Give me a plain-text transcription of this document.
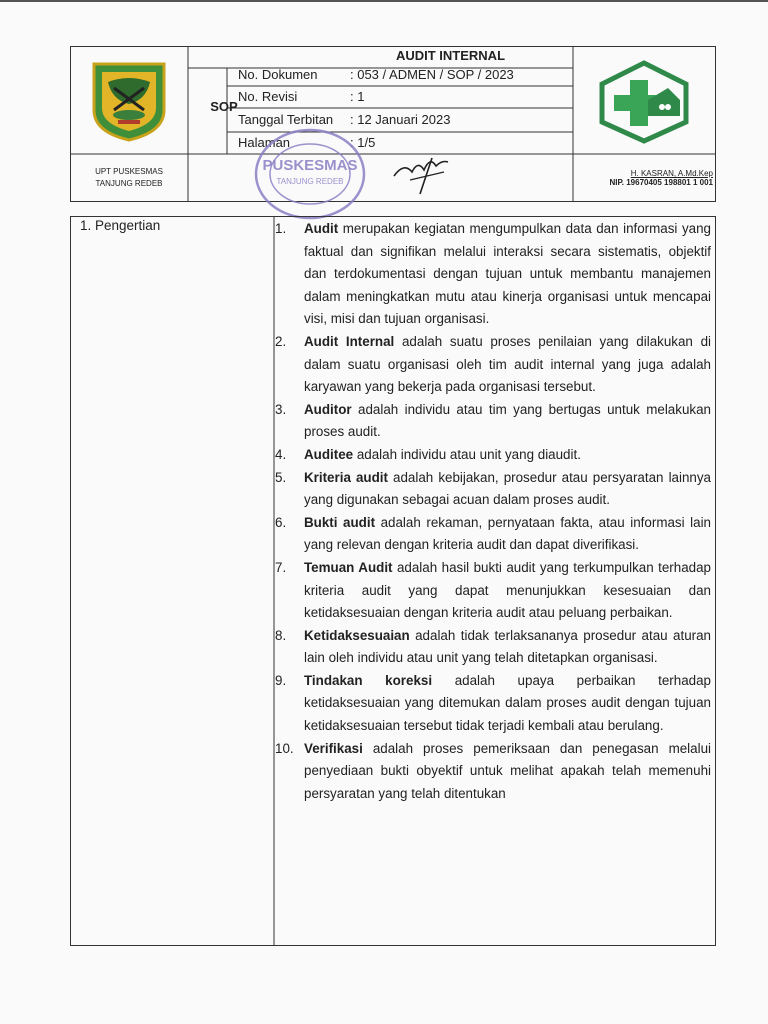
AUDIT INTERNAL
SOP
No. Dokumen	: 053 / ADMEN / SOP / 2023
No. Revisi	: 1
Tanggal Terbitan : 12 Januari 2023
Halaman	: 1/5
UPT PUSKESMAS
TANJUNG REDEB
PUSKESMAS
TANJUNG REDEB
H. KASRAN, A.Md.Kep
NIP. 19670405 198801 1 001
1. Pengertian	1. Audit merupakan kegiatan mengumpulkan data dan informasi yang faktual dan signifikan melalui interaksi secara sistematis, objektif dan terdokumentasi dengan tujuan untuk membantu manajemen dalam meningkatkan mutu atau kinerja organisasi untuk mencapai visi, misi dan tujuan organisasi.
2. Audit Internal adalah suatu proses penilaian yang dilakukan di dalam suatu organisasi oleh tim audit internal yang juga adalah karyawan yang bekerja pada organisasi tersebut.
3. Auditor adalah individu atau tim yang bertugas untuk melakukan proses audit.
4. Auditee adalah individu atau unit yang diaudit.
5. Kriteria audit adalah kebijakan, prosedur atau persyaratan lainnya yang digunakan sebagai acuan dalam proses audit.
6. Bukti audit adalah rekaman, pernyataan fakta, atau informasi lain yang relevan dengan kriteria audit dan dapat diverifikasi.
7. Temuan Audit adalah hasil bukti audit yang terkumpulkan terhadap kriteria audit yang dapat menunjukkan kesesuaian dan ketidaksesuaian dengan kriteria audit atau peluang perbaikan.
8. Ketidaksesuaian adalah tidak terlaksananya prosedur atau aturan lain oleh individu atau unit yang telah ditetapkan organisasi.
9. Tindakan koreksi adalah upaya perbaikan terhadap ketidaksesuaian yang ditemukan dalam proses audit dengan tujuan ketidaksesuaian tersebut tidak terjadi kembali atau berulang.
10. Verifikasi adalah proses pemeriksaan dan penegasan melalui penyediaan bukti obyektif untuk melihat apakah telah memenuhi persyaratan yang telah ditentukan
